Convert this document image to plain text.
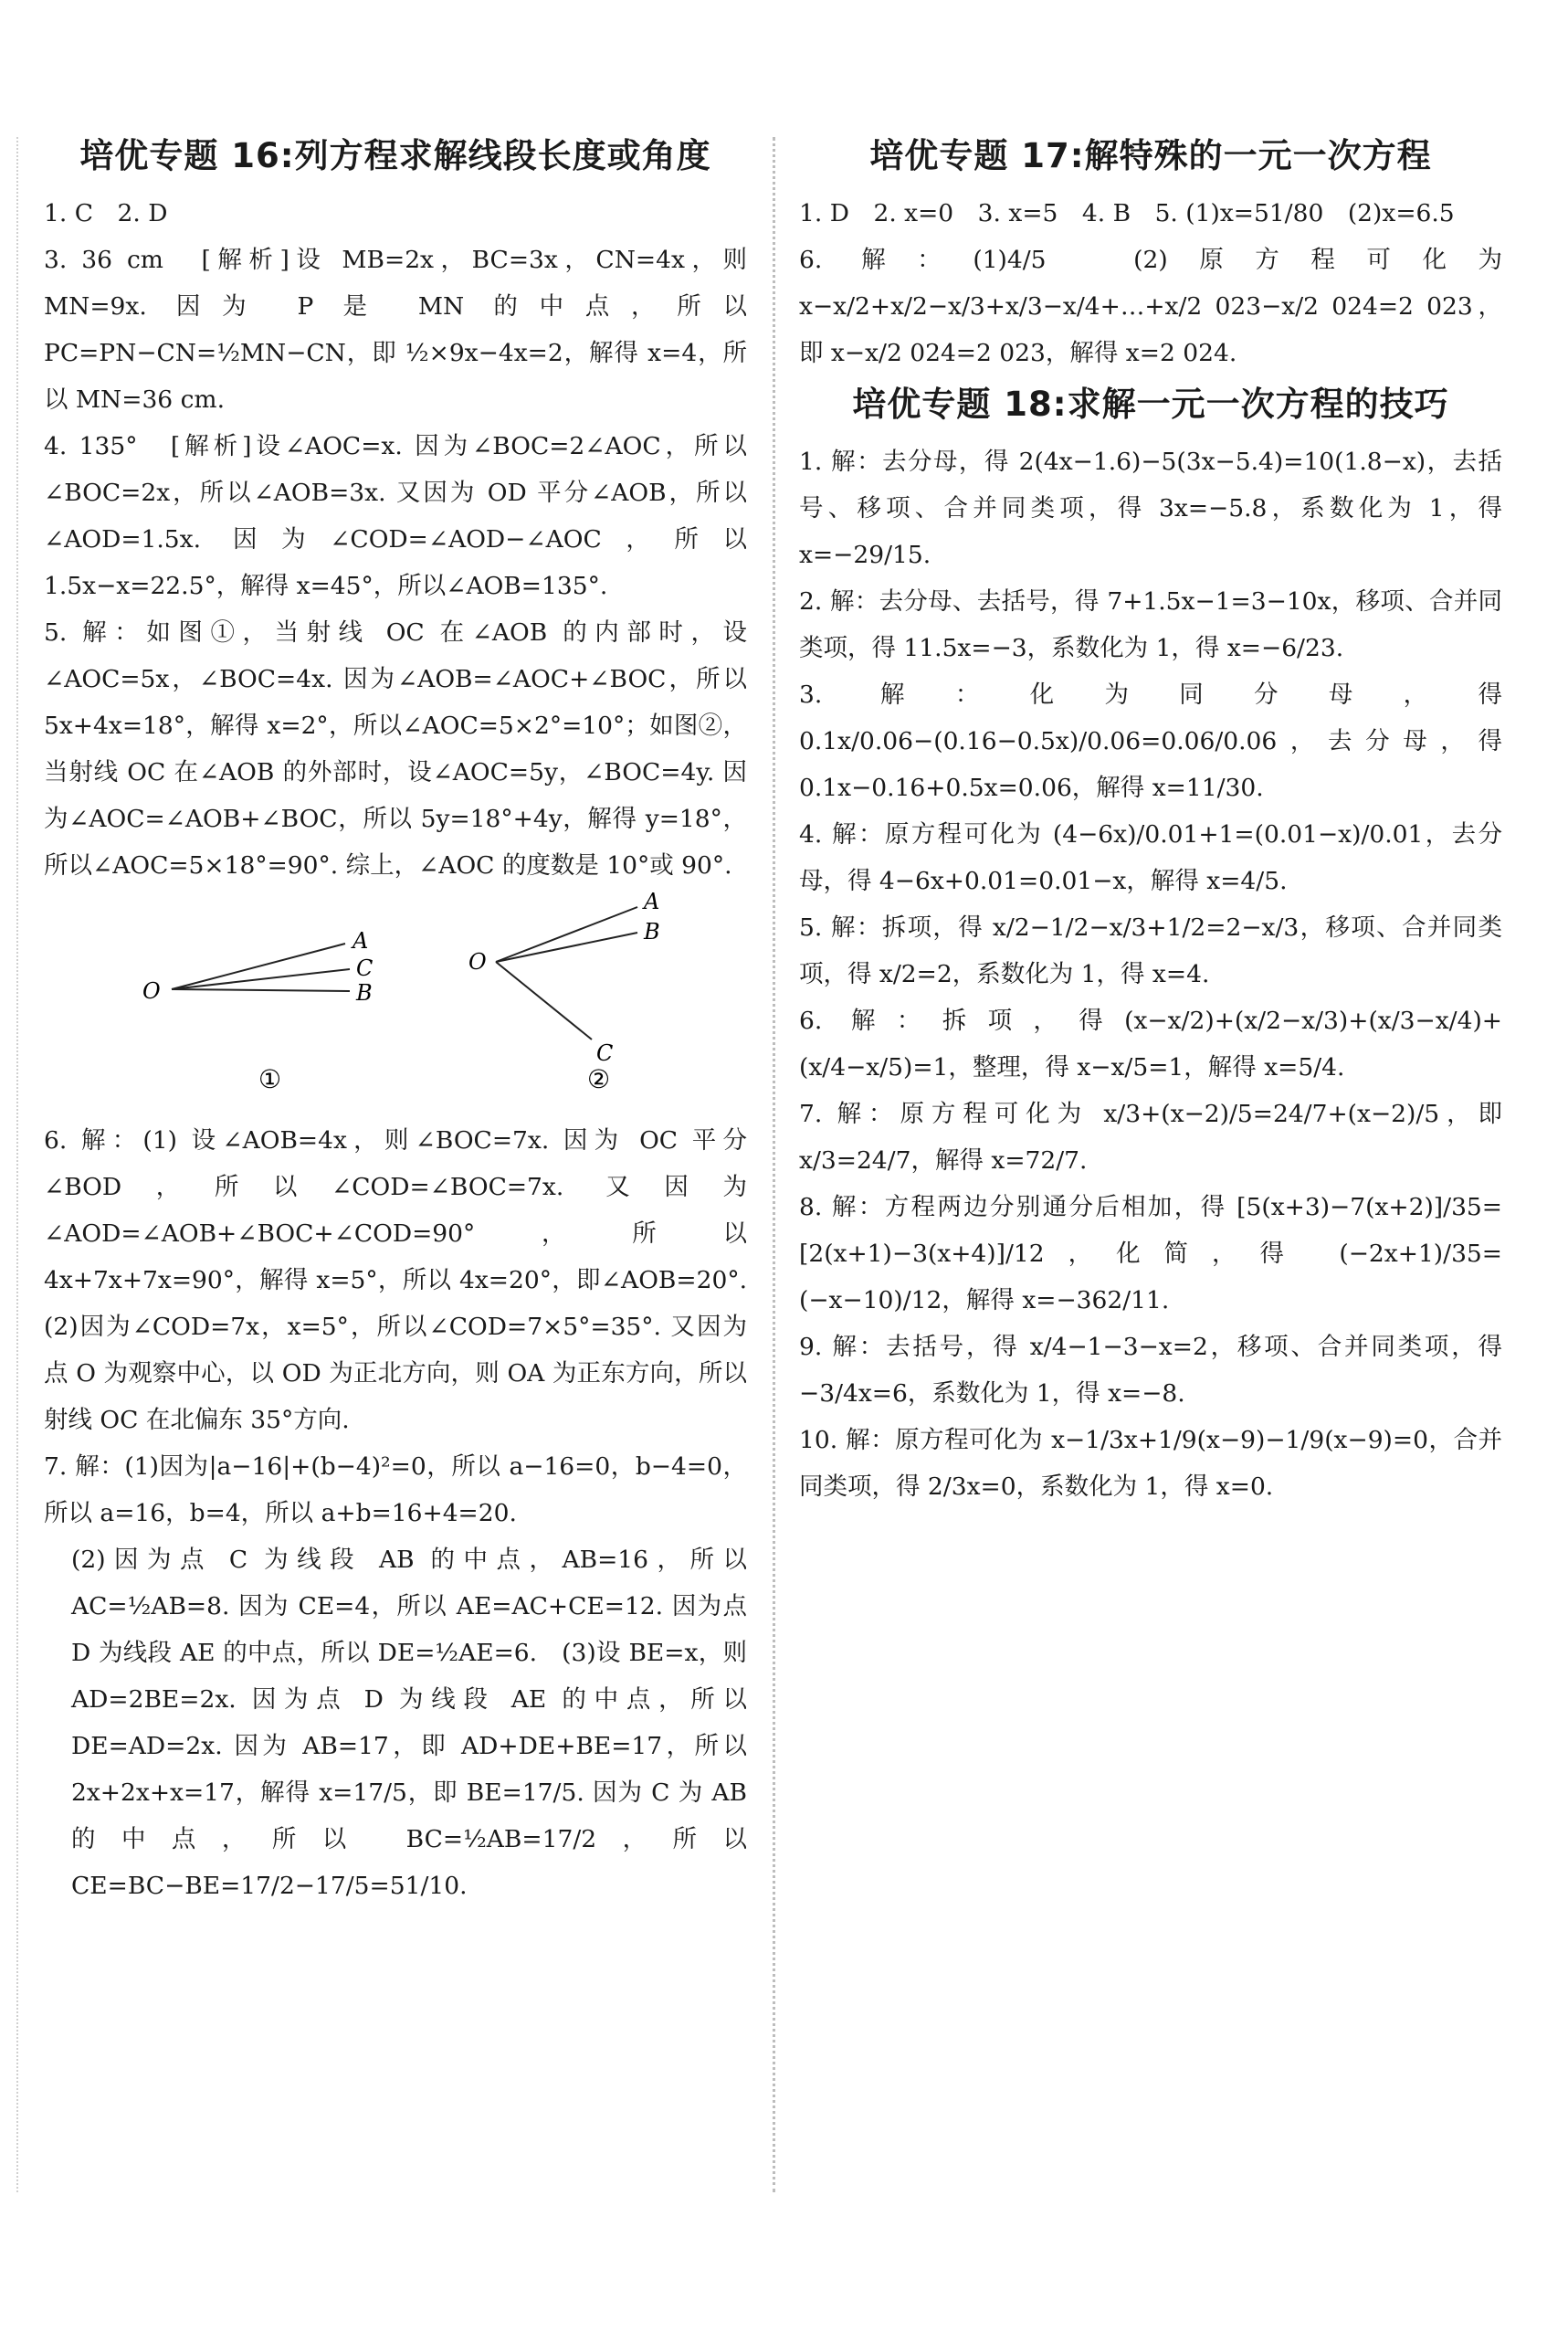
培优专题 16:列方程求解线段长度或角度

1. C　2. D

3. 36 cm　[解析]设 MB=2x，BC=3x，CN=4x，则 MN=9x. 因为 P 是 MN 的中点，所以 PC=PN−CN=½MN−CN，即 ½×9x−4x=2，解得 x=4，所以 MN=36 cm.

4. 135°　[解析]设∠AOC=x. 因为∠BOC=2∠AOC，所以∠BOC=2x，所以∠AOB=3x. 又因为 OD 平分∠AOB，所以∠AOD=1.5x. 因为∠COD=∠AOD−∠AOC，所以 1.5x−x=22.5°，解得 x=45°，所以∠AOB=135°.

5. 解：如图①，当射线 OC 在∠AOB 的内部时，设∠AOC=5x，∠BOC=4x. 因为∠AOB=∠AOC+∠BOC，所以 5x+4x=18°，解得 x=2°，所以∠AOC=5×2°=10°；如图②，当射线 OC 在∠AOB 的外部时，设∠AOC=5y，∠BOC=4y. 因为∠AOC=∠AOB+∠BOC，所以 5y=18°+4y，解得 y=18°，所以∠AOC=5×18°=90°. 综上，∠AOC 的度数是 10°或 90°.

O
A
C
B
①
O
A
B
C
②

6. 解：(1) 设∠AOB=4x，则∠BOC=7x. 因为 OC 平分∠BOD，所以∠COD=∠BOC=7x. 又因为∠AOD=∠AOB+∠BOC+∠COD=90°，所以 4x+7x+7x=90°，解得 x=5°，所以 4x=20°，即∠AOB=20°.　(2)因为∠COD=7x，x=5°，所以∠COD=7×5°=35°. 又因为点 O 为观察中心，以 OD 为正北方向，则 OA 为正东方向，所以射线 OC 在北偏东 35°方向.

7. 解：(1)因为|a−16|+(b−4)²=0，所以 a−16=0，b−4=0，所以 a=16，b=4，所以 a+b=16+4=20.

(2)因为点 C 为线段 AB 的中点，AB=16，所以 AC=½AB=8. 因为 CE=4，所以 AE=AC+CE=12. 因为点 D 为线段 AE 的中点，所以 DE=½AE=6.　(3)设 BE=x，则 AD=2BE=2x. 因为点 D 为线段 AE 的中点，所以 DE=AD=2x. 因为 AB=17，即 AD+DE+BE=17，所以 2x+2x+x=17，解得 x=17/5，即 BE=17/5. 因为 C 为 AB 的中点，所以 BC=½AB=17/2，所以 CE=BC−BE=17/2−17/5=51/10.

培优专题 17:解特殊的一元一次方程

1. D　2. x=0　3. x=5　4. B　5. (1)x=51/80　(2)x=6.5

6. 解：(1)4/5　(2)原方程可化为 x−x/2+x/2−x/3+x/3−x/4+…+x/2 023−x/2 024=2 023，即 x−x/2 024=2 023，解得 x=2 024.

培优专题 18:求解一元一次方程的技巧

1. 解：去分母，得 2(4x−1.6)−5(3x−5.4)=10(1.8−x)，去括号、移项、合并同类项，得 3x=−5.8，系数化为 1，得 x=−29/15.

2. 解：去分母、去括号，得 7+1.5x−1=3−10x，移项、合并同类项，得 11.5x=−3，系数化为 1，得 x=−6/23.

3. 解：化为同分母，得 0.1x/0.06−(0.16−0.5x)/0.06=0.06/0.06，去分母，得 0.1x−0.16+0.5x=0.06，解得 x=11/30.

4. 解：原方程可化为 (4−6x)/0.01+1=(0.01−x)/0.01，去分母，得 4−6x+0.01=0.01−x，解得 x=4/5.

5. 解：拆项，得 x/2−1/2−x/3+1/2=2−x/3，移项、合并同类项，得 x/2=2，系数化为 1，得 x=4.

6. 解：拆项，得(x−x/2)+(x/2−x/3)+(x/3−x/4)+(x/4−x/5)=1，整理，得 x−x/5=1，解得 x=5/4.

7. 解：原方程可化为 x/3+(x−2)/5=24/7+(x−2)/5，即 x/3=24/7，解得 x=72/7.

8. 解：方程两边分别通分后相加，得 [5(x+3)−7(x+2)]/35=[2(x+1)−3(x+4)]/12，化简，得 (−2x+1)/35=(−x−10)/12，解得 x=−362/11.

9. 解：去括号，得 x/4−1−3−x=2，移项、合并同类项，得 −3/4x=6，系数化为 1，得 x=−8.

10. 解：原方程可化为 x−1/3x+1/9(x−9)−1/9(x−9)=0，合并同类项，得 2/3x=0，系数化为 1，得 x=0.
